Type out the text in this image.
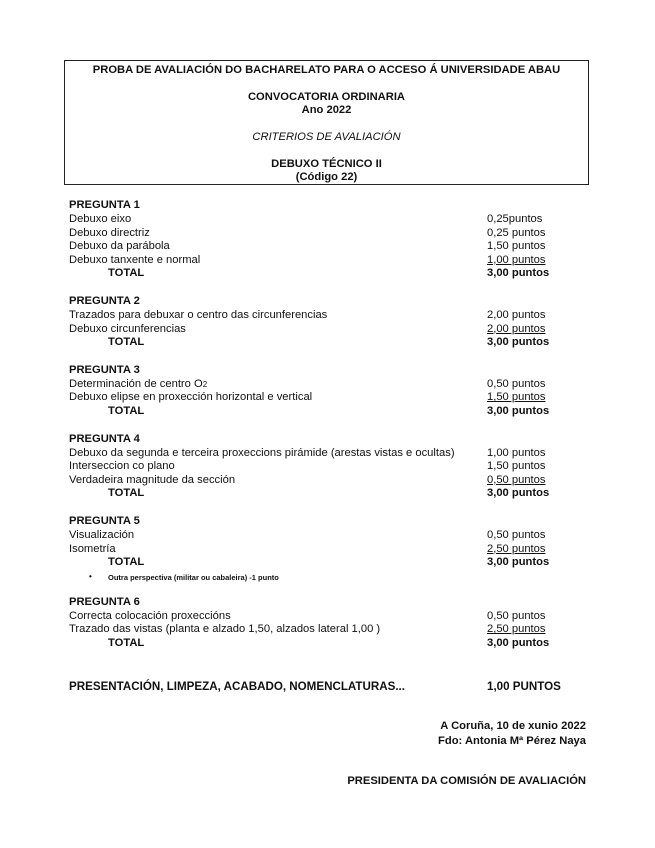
PROBA DE AVALIACIÓN DO BACHARELATO PARA O ACCESO Á UNIVERSIDADE ABAU
CONVOCATORIA ORDINARIA
Ano 2022
CRITERIOS DE AVALIACIÓN
DEBUXO TÉCNICO II
(Código 22)
PREGUNTA 1
Debuxo eixo	0,25puntos
Debuxo directriz	0,25 puntos
Debuxo da parábola	1,50 puntos
Debuxo tanxente e normal	1,00 puntos
TOTAL	3,00 puntos
PREGUNTA 2
Trazados para debuxar o centro das circunferencias	2,00 puntos
Debuxo circunferencias	2,00 puntos
TOTAL	3,00 puntos
PREGUNTA 3
Determinación de centro O2	0,50 puntos
Debuxo elipse en proxección horizontal e vertical	1,50 puntos
TOTAL	3,00 puntos
PREGUNTA 4
Debuxo da segunda e terceira proxeccions pirámide (arestas vistas e ocultas)	1,00 puntos
Interseccion co plano	1,50 puntos
Verdadeira magnitude da sección	0,50 puntos
TOTAL	3,00 puntos
PREGUNTA 5
Visualización	0,50 puntos
Isometría	2,50 puntos
TOTAL	3,00 puntos
• Outra perspectiva (militar ou cabaleira) -1 punto
PREGUNTA 6
Correcta colocación proxeccións	0,50 puntos
Trazado das vistas (planta e alzado 1,50, alzados lateral 1,00 )	2,50 puntos
TOTAL	3,00 puntos
PRESENTACIÓN, LIMPEZA, ACABADO, NOMENCLATURAS...	1,00 PUNTOS
A Coruña, 10 de xunio 2022
Fdo: Antonia Mª Pérez Naya
PRESIDENTA DA COMISIÓN DE AVALIACIÓN
